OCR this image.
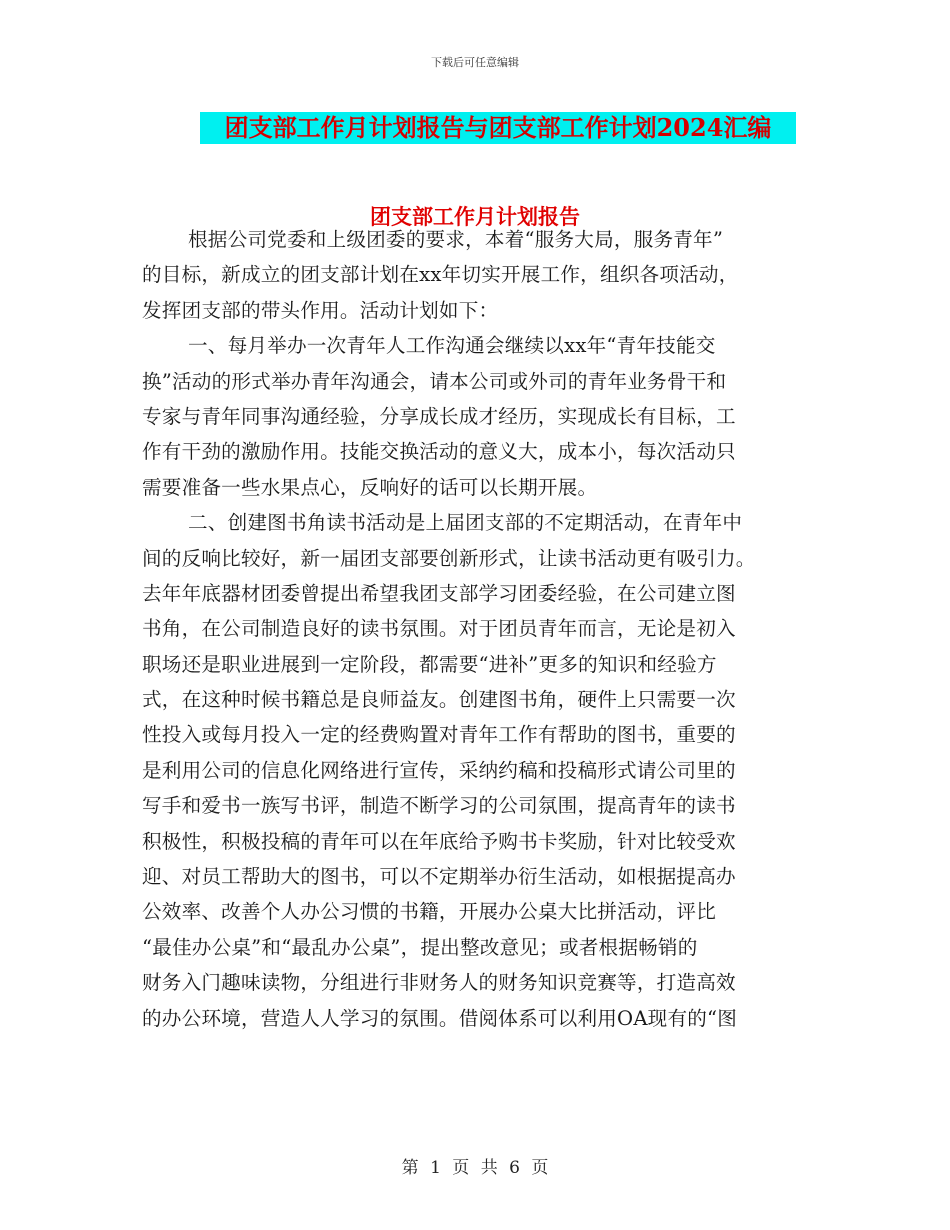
下载后可任意编辑
团支部工作月计划报告与团支部工作计划2024汇编
团支部工作月计划报告
根据公司党委和上级团委的要求，本着“服务大局，服务青年”
的目标，新成立的团支部计划在xx年切实开展工作，组织各项活动，
发挥团支部的带头作用。活动计划如下：
一、每月举办一次青年人工作沟通会继续以xx年“青年技能交
换”活动的形式举办青年沟通会，请本公司或外司的青年业务骨干和
专家与青年同事沟通经验，分享成长成才经历，实现成长有目标，工
作有干劲的激励作用。技能交换活动的意义大，成本小，每次活动只
需要准备一些水果点心，反响好的话可以长期开展。
二、创建图书角读书活动是上届团支部的不定期活动，在青年中
间的反响比较好，新一届团支部要创新形式，让读书活动更有吸引力。
去年年底器材团委曾提出希望我团支部学习团委经验，在公司建立图
书角，在公司制造良好的读书氛围。对于团员青年而言，无论是初入
职场还是职业进展到一定阶段，都需要“进补”更多的知识和经验方
式，在这种时候书籍总是良师益友。创建图书角，硬件上只需要一次
性投入或每月投入一定的经费购置对青年工作有帮助的图书，重要的
是利用公司的信息化网络进行宣传，采纳约稿和投稿形式请公司里的
写手和爱书一族写书评，制造不断学习的公司氛围，提高青年的读书
积极性，积极投稿的青年可以在年底给予购书卡奖励，针对比较受欢
迎、对员工帮助大的图书，可以不定期举办衍生活动，如根据提高办
公效率、改善个人办公习惯的书籍，开展办公桌大比拼活动，评比
“最佳办公桌”和“最乱办公桌”，提出整改意见；或者根据畅销的
财务入门趣味读物，分组进行非财务人的财务知识竞赛等，打造高效
的办公环境，营造人人学习的氛围。借阅体系可以利用OA现有的“图
第 1 页 共 6 页
